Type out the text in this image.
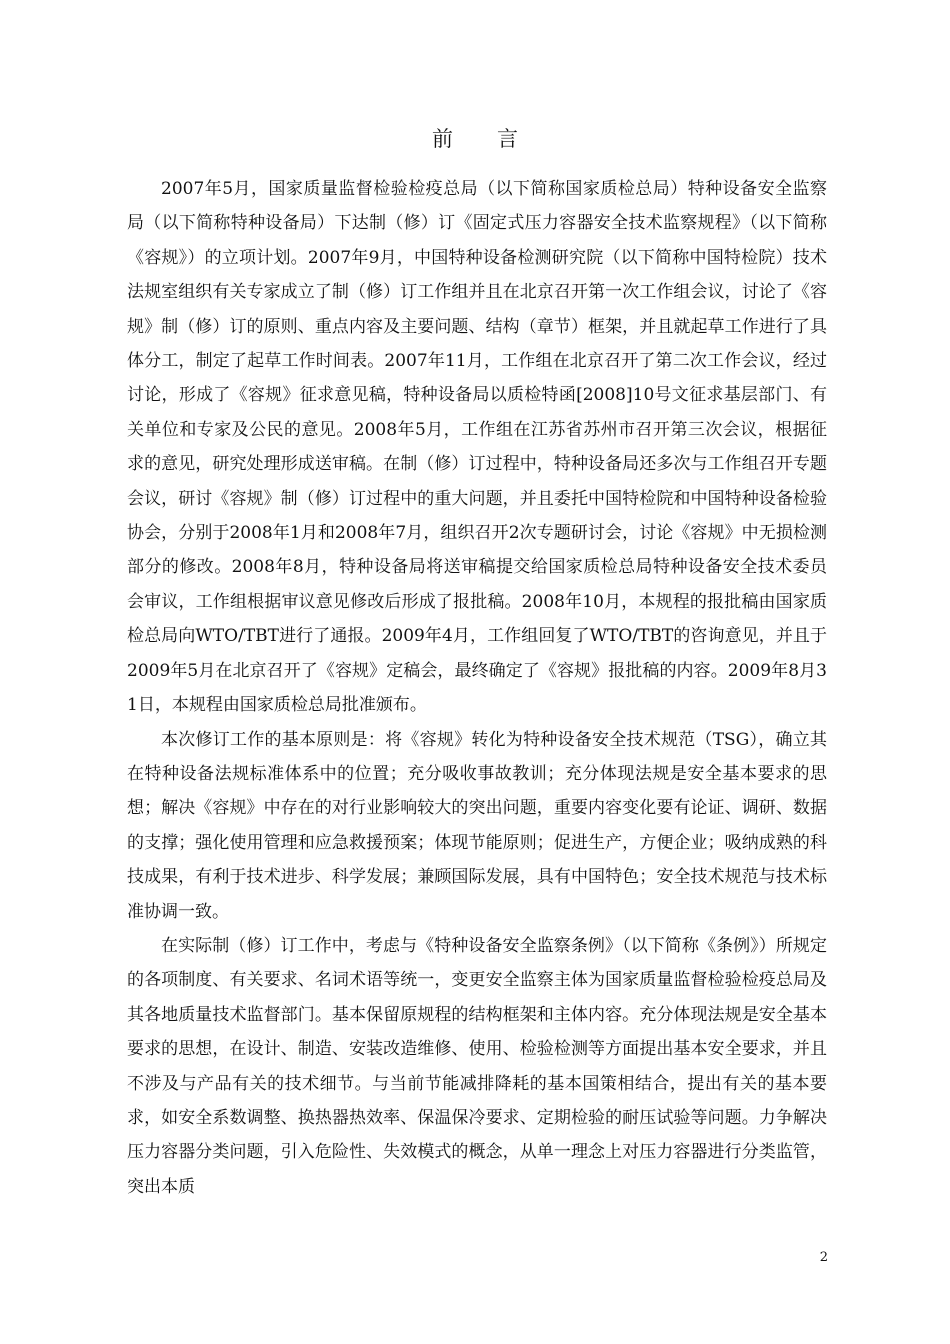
前言

2007年5月，国家质量监督检验检疫总局（以下简称国家质检总局）特种设备安全监察局（以下简称特种设备局）下达制（修）订《固定式压力容器安全技术监察规程》（以下简称《容规》）的立项计划。2007年9月，中国特种设备检测研究院（以下简称中国特检院）技术法规室组织有关专家成立了制（修）订工作组并且在北京召开第一次工作组会议，讨论了《容规》制（修）订的原则、重点内容及主要问题、结构（章节）框架，并且就起草工作进行了具体分工，制定了起草工作时间表。2007年11月，工作组在北京召开了第二次工作会议，经过讨论，形成了《容规》征求意见稿，特种设备局以质检特函[2008]10号文征求基层部门、有关单位和专家及公民的意见。2008年5月，工作组在江苏省苏州市召开第三次会议，根据征求的意见，研究处理形成送审稿。在制（修）订过程中，特种设备局还多次与工作组召开专题会议，研讨《容规》制（修）订过程中的重大问题，并且委托中国特检院和中国特种设备检验协会，分别于2008年1月和2008年7月，组织召开2次专题研讨会，讨论《容规》中无损检测部分的修改。2008年8月，特种设备局将送审稿提交给国家质检总局特种设备安全技术委员会审议，工作组根据审议意见修改后形成了报批稿。2008年10月，本规程的报批稿由国家质检总局向WTO/TBT进行了通报。2009年4月，工作组回复了WTO/TBT的咨询意见，并且于2009年5月在北京召开了《容规》定稿会，最终确定了《容规》报批稿的内容。2009年8月31日，本规程由国家质检总局批准颁布。

本次修订工作的基本原则是：将《容规》转化为特种设备安全技术规范（TSG），确立其在特种设备法规标准体系中的位置；充分吸收事故教训；充分体现法规是安全基本要求的思想；解决《容规》中存在的对行业影响较大的突出问题，重要内容变化要有论证、调研、数据的支撑；强化使用管理和应急救援预案；体现节能原则；促进生产，方便企业；吸纳成熟的科技成果，有利于技术进步、科学发展；兼顾国际发展，具有中国特色；安全技术规范与技术标准协调一致。

在实际制（修）订工作中，考虑与《特种设备安全监察条例》（以下简称《条例》）所规定的各项制度、有关要求、名词术语等统一，变更安全监察主体为国家质量监督检验检疫总局及其各地质量技术监督部门。基本保留原规程的结构框架和主体内容。充分体现法规是安全基本要求的思想，在设计、制造、安装改造维修、使用、检验检测等方面提出基本安全要求，并且不涉及与产品有关的技术细节。与当前节能减排降耗的基本国策相结合，提出有关的基本要求，如安全系数调整、换热器热效率、保温保冷要求、定期检验的耐压试验等问题。力争解决压力容器分类问题，引入危险性、失效模式的概念，从单一理念上对压力容器进行分类监管，突出本质

2
